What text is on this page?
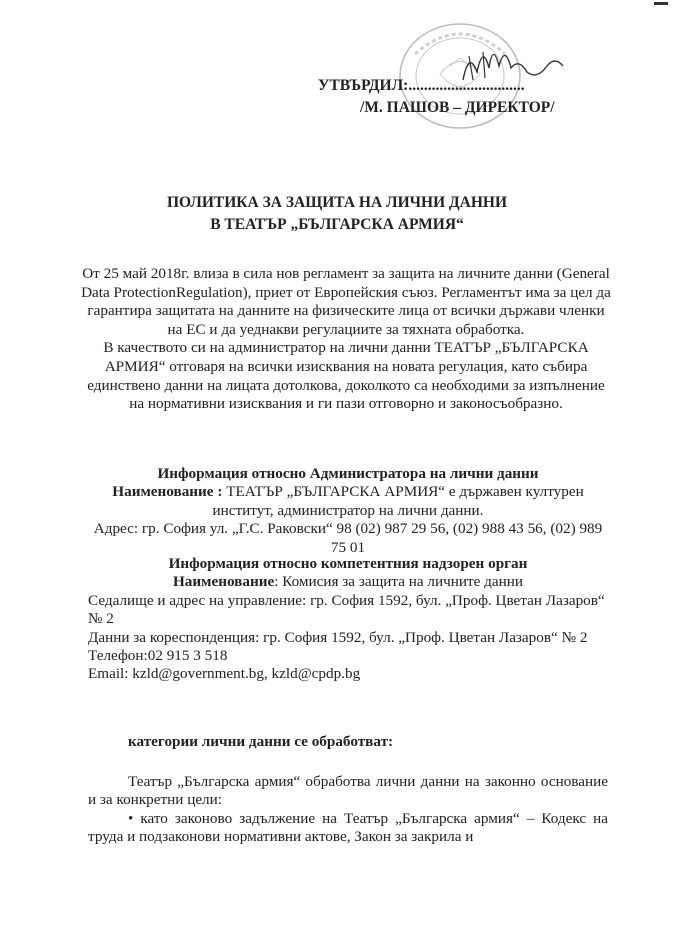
УТВЪРДИЛ:..............................
/М. ПАШОВ – ДИРЕКТОР/
ПОЛИТИКА ЗА ЗАЩИТА НА ЛИЧНИ ДАННИ
В ТЕАТЪР „БЪЛГАРСКА АРМИЯ“

От 25 май 2018г. влиза в сила нов регламент за защита на личните данни (General Data ProtectionRegulation), приет от Европейския съюз. Регламентът има за цел да гарантира защитата на данните на физическите лица от всички държави членки на ЕС и да уеднакви регулациите за тяхната обработка.

В качеството си на администратор на лични данни ТЕАТЪР „БЪЛГАРСКА АРМИЯ“ отговаря на всички изисквания на новата регулация, като събира единствено данни на лицата дотолкова, доколкото са необходими за изпълнение на нормативни изисквания и ги пази отговорно и законосъобразно.

Информация относно Администратора на лични данни
Наименование : ТЕАТЪР „БЪЛГАРСКА АРМИЯ“ е държавен културен институт, администратор на лични данни.
Адрес: гр. София ул. „Г.С. Раковски“ 98 (02) 987 29 56, (02) 988 43 56, (02) 989 75 01
Информация относно компетентния надзорен орган
Наименование: Комисия за защита на личните данни
Седалище и адрес на управление: гр. София 1592, бул. „Проф. Цветан Лазаров“ № 2
Данни за кореспонденция: гр. София 1592, бул. „Проф. Цветан Лазаров“ № 2
Телефон:02 915 3 518
Email: kzld@government.bg, kzld@cpdp.bg
категории лични данни се обработват:

Театър „Българска армия“ обработва лични данни на законно основание и за конкретни цели:

• като законово задължение на Театър „Българска армия“ – Кодекс на труда и подзаконови нормативни актове, Закон за закрила и
